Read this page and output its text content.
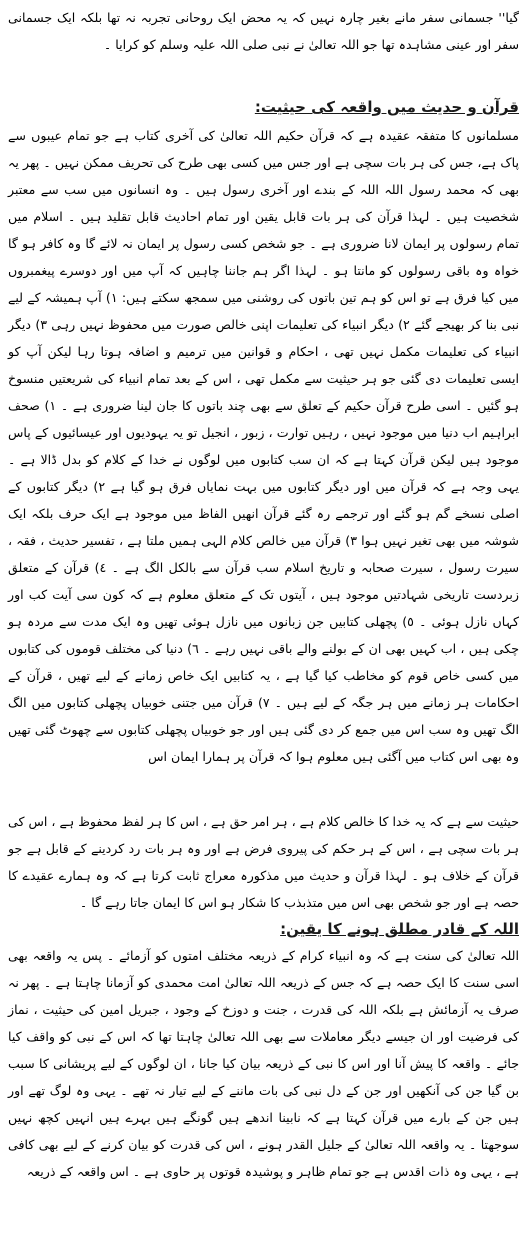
گیا'' جسمانی سفر مانے بغیر چارہ نہیں کہ یہ محض ایک روحانی تجربہ نہ تھا بلکہ ایک جسمانی سفر اور عینی مشاہدہ تھا جو اللہ تعالیٰ نے نبی صلی اللہ علیہ وسلم کو کرایا ۔

قرآن و حدیث میں واقعہ کی حیثیت:

مسلمانوں کا متفقہ عقیدہ ہے کہ قرآن حکیم اللہ تعالیٰ کی آخری کتاب ہے جو تمام عیبوں سے پاک ہے، جس کی ہر بات سچی ہے اور جس میں کسی بھی طرح کی تحریف ممکن نہیں ۔ پھر یہ بھی کہ محمد رسول اللہ اللہ کے بندے اور آخری رسول ہیں ۔ وہ انسانوں میں سب سے معتبر شخصیت ہیں ۔ لہذا قرآن کی ہر بات قابل یقین اور تمام احادیث قابل تقلید ہیں ۔ اسلام میں تمام رسولوں پر ایمان لانا ضروری ہے ۔ جو شخص کسی رسول پر ایمان نہ لائے گا وہ کافر ہو گا خواہ وہ باقی رسولوں کو مانتا ہو ۔ لہذا اگر ہم جاننا چاہیں کہ آپ میں اور دوسرے پیغمبروں میں کیا فرق ہے تو اس کو ہم تین باتوں کی روشنی میں سمجھ سکتے ہیں: ١) آپ ہمیشہ کے لیے نبی بنا کر بھیجے گئے ٢) دیگر انبیاء کی تعلیمات اپنی خالص صورت میں محفوظ نہیں رہی ٣) دیگر انبیاء کی تعلیمات مکمل نہیں تھی ، احکام و قوانین میں ترمیم و اضافہ ہوتا رہا لیکن آپ کو ایسی تعلیمات دی گئی جو ہر حیثیت سے مکمل تھی ، اس کے بعد تمام انبیاء کی شریعتیں منسوخ ہو گئیں ۔ اسی طرح قرآن حکیم کے تعلق سے بھی چند باتوں کا جان لینا ضروری ہے ۔ ١) صحف ابراہیم اب دنیا میں موجود نہیں ، رہیں توارت ، زبور ، انجیل تو یہ یہودیوں اور عیسائیوں کے پاس موجود ہیں لیکن قرآن کہتا ہے کہ ان سب کتابوں میں لوگوں نے خدا کے کلام کو بدل ڈالا ہے ۔ یہی وجہ ہے کہ قرآن میں اور دیگر کتابوں میں بہت نمایاں فرق ہو گیا ہے ٢) دیگر کتابوں کے اصلی نسخے گم ہو گئے اور ترجمے رہ گئے قرآن انھیں الفاظ میں موجود ہے ایک حرف بلکہ ایک شوشہ میں بھی تغیر نہیں ہوا ٣) قرآن میں خالص کلام الہی ہمیں ملتا ہے ، تفسیر حدیث ، فقہ ، سیرت رسول ، سیرت صحابہ و تاریخ اسلام سب قرآن سے بالکل الگ ہے ۔ ٤) قرآن کے متعلق زبردست تاریخی شہادتیں موجود ہیں ، آیتوں تک کے متعلق معلوم ہے کہ کون سی آیت کب اور کہاں نازل ہوئی ۔ ٥) پچھلی کتابیں جن زبانوں میں نازل ہوئی تھیں وہ ایک مدت سے مردہ ہو چکی ہیں ، اب کہیں بھی ان کے بولنے والے باقی نہیں رہے ۔ ٦) دنیا کی مختلف قوموں کی کتابوں میں کسی خاص قوم کو مخاطب کیا گیا ہے ، یہ کتابیں ایک خاص زمانے کے لیے تھیں ، قرآن کے احکامات ہر زمانے میں ہر جگہ کے لیے ہیں ۔ ٧) قرآن میں جتنی خوبیاں پچھلی کتابوں میں الگ الگ تھیں وہ سب اس میں جمع کر دی گئی ہیں اور جو خوبیاں پچھلی کتابوں سے چھوٹ گئی تھیں وہ بھی اس کتاب میں آگئی ہیں معلوم ہوا کہ قرآن پر ہمارا ایمان اس

حیثیت سے ہے کہ یہ خدا کا خالص کلام ہے ، ہر امر حق ہے ، اس کا ہر لفظ محفوظ ہے ، اس کی ہر بات سچی ہے ، اس کے ہر حکم کی پیروی فرض ہے اور وہ ہر بات رد کردینے کے قابل ہے جو قرآن کے خلاف ہو ۔ لہذا قرآن و حدیث میں مذکورہ معراج ثابت کرتا ہے کہ وہ ہمارے عقیدے کا حصہ ہے اور جو شخص بھی اس میں متذبذب کا شکار ہو اس کا ایمان جاتا رہے گا ۔

اللہ کے قادر مطلق ہونے کا یقین:

اللہ تعالیٰ کی سنت ہے کہ وہ انبیاء کرام کے ذریعہ مختلف امتوں کو آزمائے ۔ پس یہ واقعہ بھی اسی سنت کا ایک حصہ ہے کہ جس کے ذریعہ اللہ تعالیٰ امت محمدی کو آزمانا چاہتا ہے ۔ پھر نہ صرف یہ آزمائش ہے بلکہ اللہ کی قدرت ، جنت و دوزخ کے وجود ، جبریل امین کی حیثیت ، نماز کی فرضیت اور ان جیسے دیگر معاملات سے بھی اللہ تعالیٰ چاہتا تھا کہ اس کے نبی کو واقف کیا جائے ۔ واقعہ کا پیش آنا اور اس کا نبی کے ذریعہ بیان کیا جانا ، ان لوگوں کے لیے پریشانی کا سبب بن گیا جن کی آنکھیں اور جن کے دل نبی کی بات ماننے کے لیے تیار نہ تھے ۔ یہی وہ لوگ تھے اور ہیں جن کے بارے میں قرآن کہتا ہے کہ نابینا اندھے ہیں گونگے ہیں بہرے ہیں انہیں کچھ نہیں سوجھتا ۔ یہ واقعہ اللہ تعالیٰ کے جلیل القدر ہونے ، اس کی قدرت کو بیان کرنے کے لیے بھی کافی ہے ، یہی وہ ذات اقدس ہے جو تمام ظاہر و پوشیدہ قوتوں پر حاوی ہے ۔ اس واقعہ کے ذریعہ
